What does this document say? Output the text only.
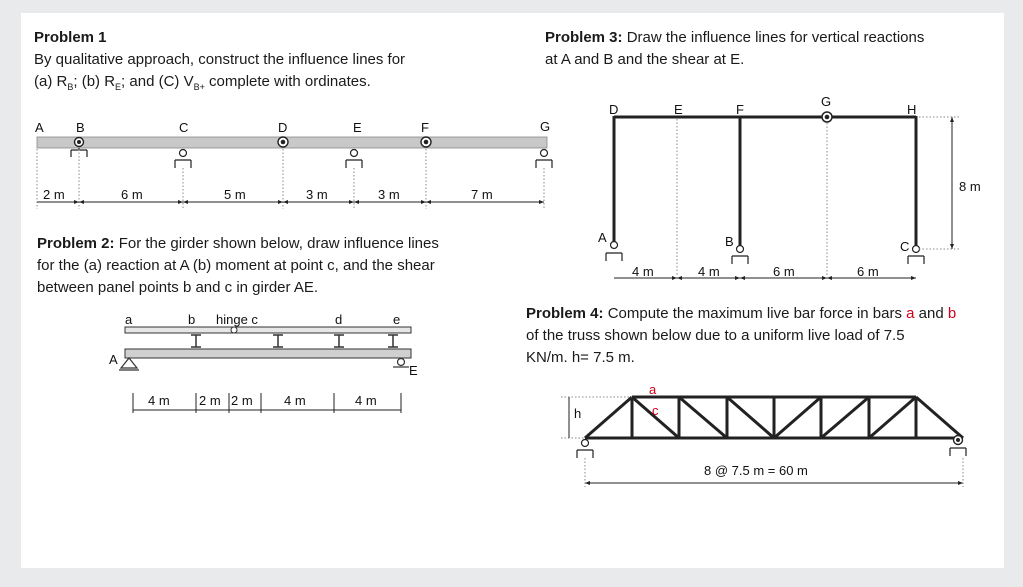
Problem 1
By qualitative approach, construct the influence lines for
(a) $R_B$; (b) $R_E$; and (C) $V_{B+}$ complete with ordinates.
Problem 3: Draw the influence lines for vertical reactions
at A and B and the shear at E.
Problem 2: For the girder shown below, draw influence lines
for the (a) reaction at A (b) moment at point c, and the shear
between panel points b and c in girder AE.
Problem 4: Compute the maximum live bar force in bars a and b
of the truss shown below due to a uniform live load of 7.5
KN/m. h= 7.5 m.
A B	C	D	E	F	G
2 m	6 m	5 m	3 m	3 m	7 m
a	b hinge c	d	e
A
E
4 m 2 m 2 m 4 m	4 m
D	E	F
G
H
A	B	C
8 m
4 m	4 m	6 m	6 m
a
c
h
8 @ 7.5 m = 60 m
